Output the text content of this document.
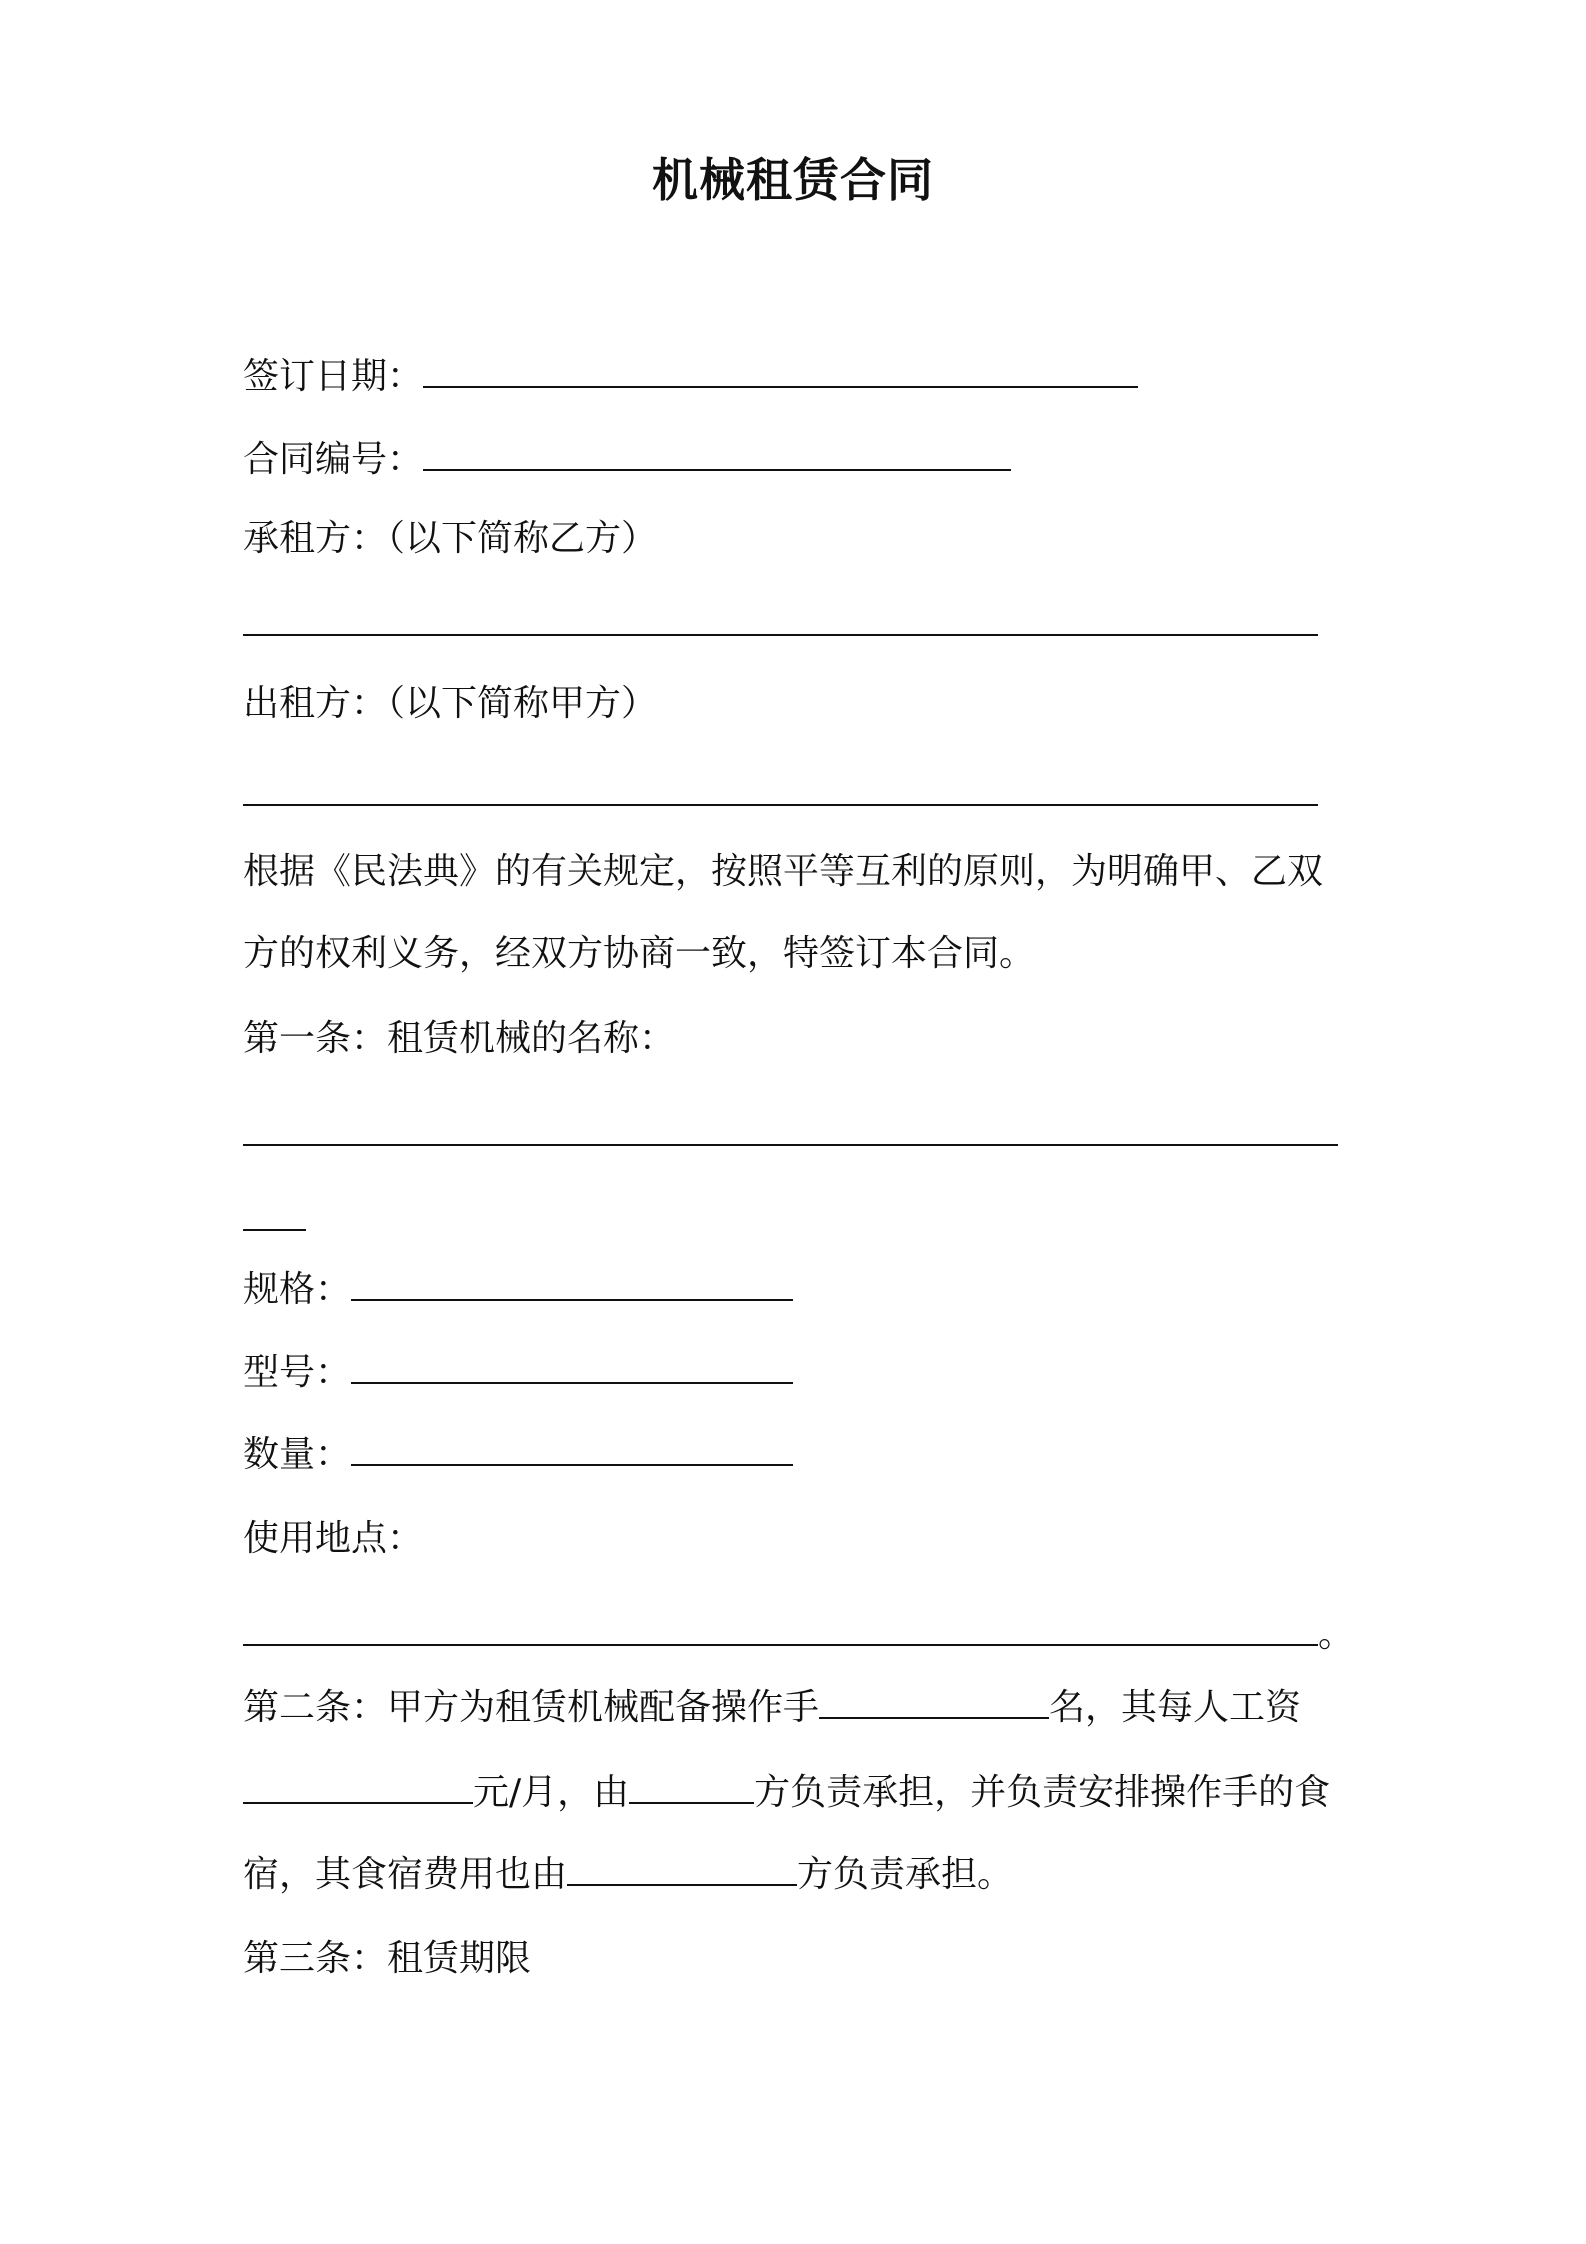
机械租赁合同

签订日期：

合同编号：

承租方：（以下简称乙方）

出租方：（以下简称甲方）

根据《民法典》的有关规定，按照平等互利的原则，为明确甲、乙双

方的权利义务，经双方协商一致，特签订本合同。

第一条：租赁机械的名称：

规格：

型号：

数量：

使用地点：

。

第二条：甲方为租赁机械配备操作手	名，其每人工资

元/月，由	方负责承担，并负责安排操作手的食

宿，其食宿费用也由	方负责承担。

第三条：租赁期限
